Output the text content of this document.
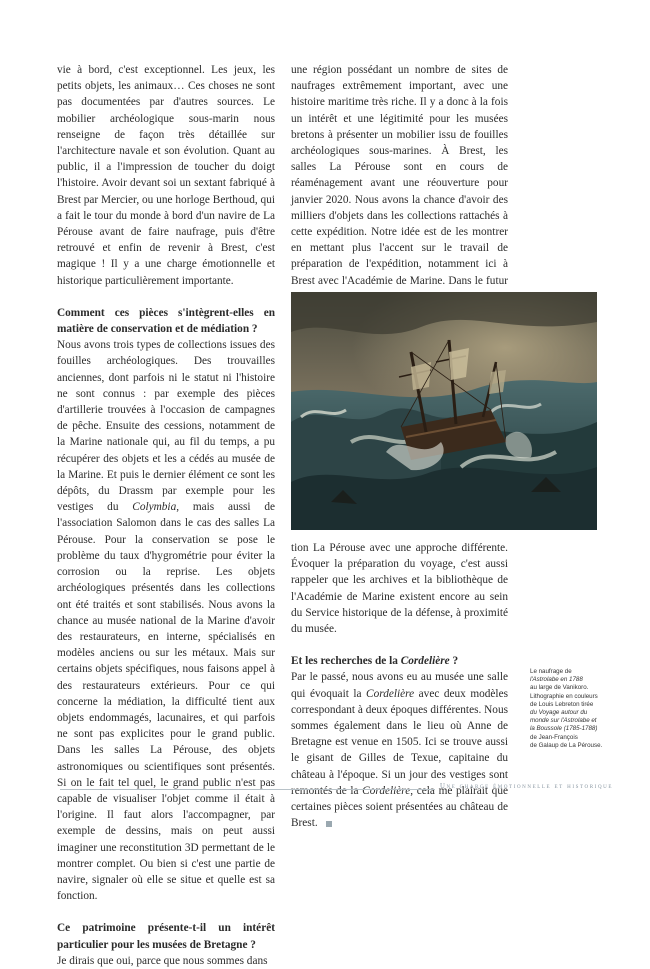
vie à bord, c'est exceptionnel. Les jeux, les petits objets, les animaux… Ces choses ne sont pas documentées par d'autres sources. Le mobilier archéologique sous-marin nous renseigne de façon très détaillée sur l'architecture navale et son évolution. Quant au public, il a l'impression de toucher du doigt l'histoire. Avoir devant soi un sextant fabriqué à Brest par Mercier, ou une horloge Berthoud, qui a fait le tour du monde à bord d'un navire de La Pérouse avant de faire naufrage, puis d'être retrouvé et enfin de revenir à Brest, c'est magique ! Il y a une charge émotionnelle et historique particulièrement importante.

Comment ces pièces s'intègrent-elles en matière de conservation et de médiation ?

Nous avons trois types de collections issues des fouilles archéologiques. Des trouvailles anciennes, dont parfois ni le statut ni l'histoire ne sont connus : par exemple des pièces d'artillerie trouvées à l'occasion de campagnes de pêche. Ensuite des cessions, notamment de la Marine nationale qui, au fil du temps, a pu récupérer des objets et les a cédés au musée de la Marine. Et puis le dernier élément ce sont les dépôts, du Drassm par exemple pour les vestiges du Colymbia, mais aussi de l'association Salomon dans le cas des salles La Pérouse. Pour la conservation se pose le problème du taux d'hygrométrie pour éviter la corrosion ou la reprise. Les objets archéologiques présentés dans les collections ont été traités et sont stabilisés. Nous avons la chance au musée national de la Marine d'avoir des restaurateurs, en interne, spécialisés en modèles anciens ou sur les métaux. Mais sur certains objets spécifiques, nous faisons appel à des restaurateurs extérieurs. Pour ce qui concerne la médiation, la difficulté tient aux objets endommagés, lacunaires, et qui parfois ne sont pas explicites pour le grand public. Dans les salles La Pérouse, des objets astronomiques ou scientifiques sont présentés. Si on le fait tel quel, le grand public n'est pas capable de visualiser l'objet comme il était à l'origine. Il faut alors l'accompagner, par exemple de dessins, mais on peut aussi imaginer une reconstitution 3D permettant de le montrer complet. Ou bien si c'est une partie de navire, signaler où elle se situe et quelle est sa fonction.

Ce patrimoine présente-t-il un intérêt particulier pour les musées de Bretagne ?

Je dirais que oui, parce que nous sommes dans

une région possédant un nombre de sites de naufrages extrêmement important, avec une histoire maritime très riche. Il y a donc à la fois un intérêt et une légitimité pour les musées bretons à présenter un mobilier issu de fouilles archéologiques sous-marines. À Brest, les salles La Pérouse sont en cours de réaménagement avant une réouverture pour janvier 2020. Nous avons la chance d'avoir des milliers d'objets dans les collections rattachés à cette expédition. Notre idée est de les montrer en mettant plus l'accent sur le travail de préparation de l'expédition, notamment ici à Brest avec l'Académie de Marine. Dans le futur

tion La Pérouse avec une approche différente. Évoquer la préparation du voyage, c'est aussi rappeler que les archives et la bibliothèque de l'Académie de Marine existent encore au sein du Service historique de la défense, à proximité du musée.

Et les recherches de la Cordelière ?

Par le passé, nous avons eu au musée une salle qui évoquait la Cordelière avec deux modèles correspondant à deux époques différentes. Nous sommes également dans le lieu où Anne de Bretagne est venue en 1505. Ici se trouve aussi le gisant de Gilles de Texue, capitaine du château à l'époque. Si un jour des vestiges sont remontés de la Cordelière, cela me plairait que certaines pièces soient présentées au château de Brest.

Le naufrage de
l'Astrolabe en 1788
au large de Vanikoro.
Lithographie en couleurs
de Louis Lebreton tirée
du Voyage autour du
monde sur l'Astrolabe et
la Boussole (1785-1788)
de Jean-François
de Galaup de La Pérouse.
Une charge émotionnelle et historique
